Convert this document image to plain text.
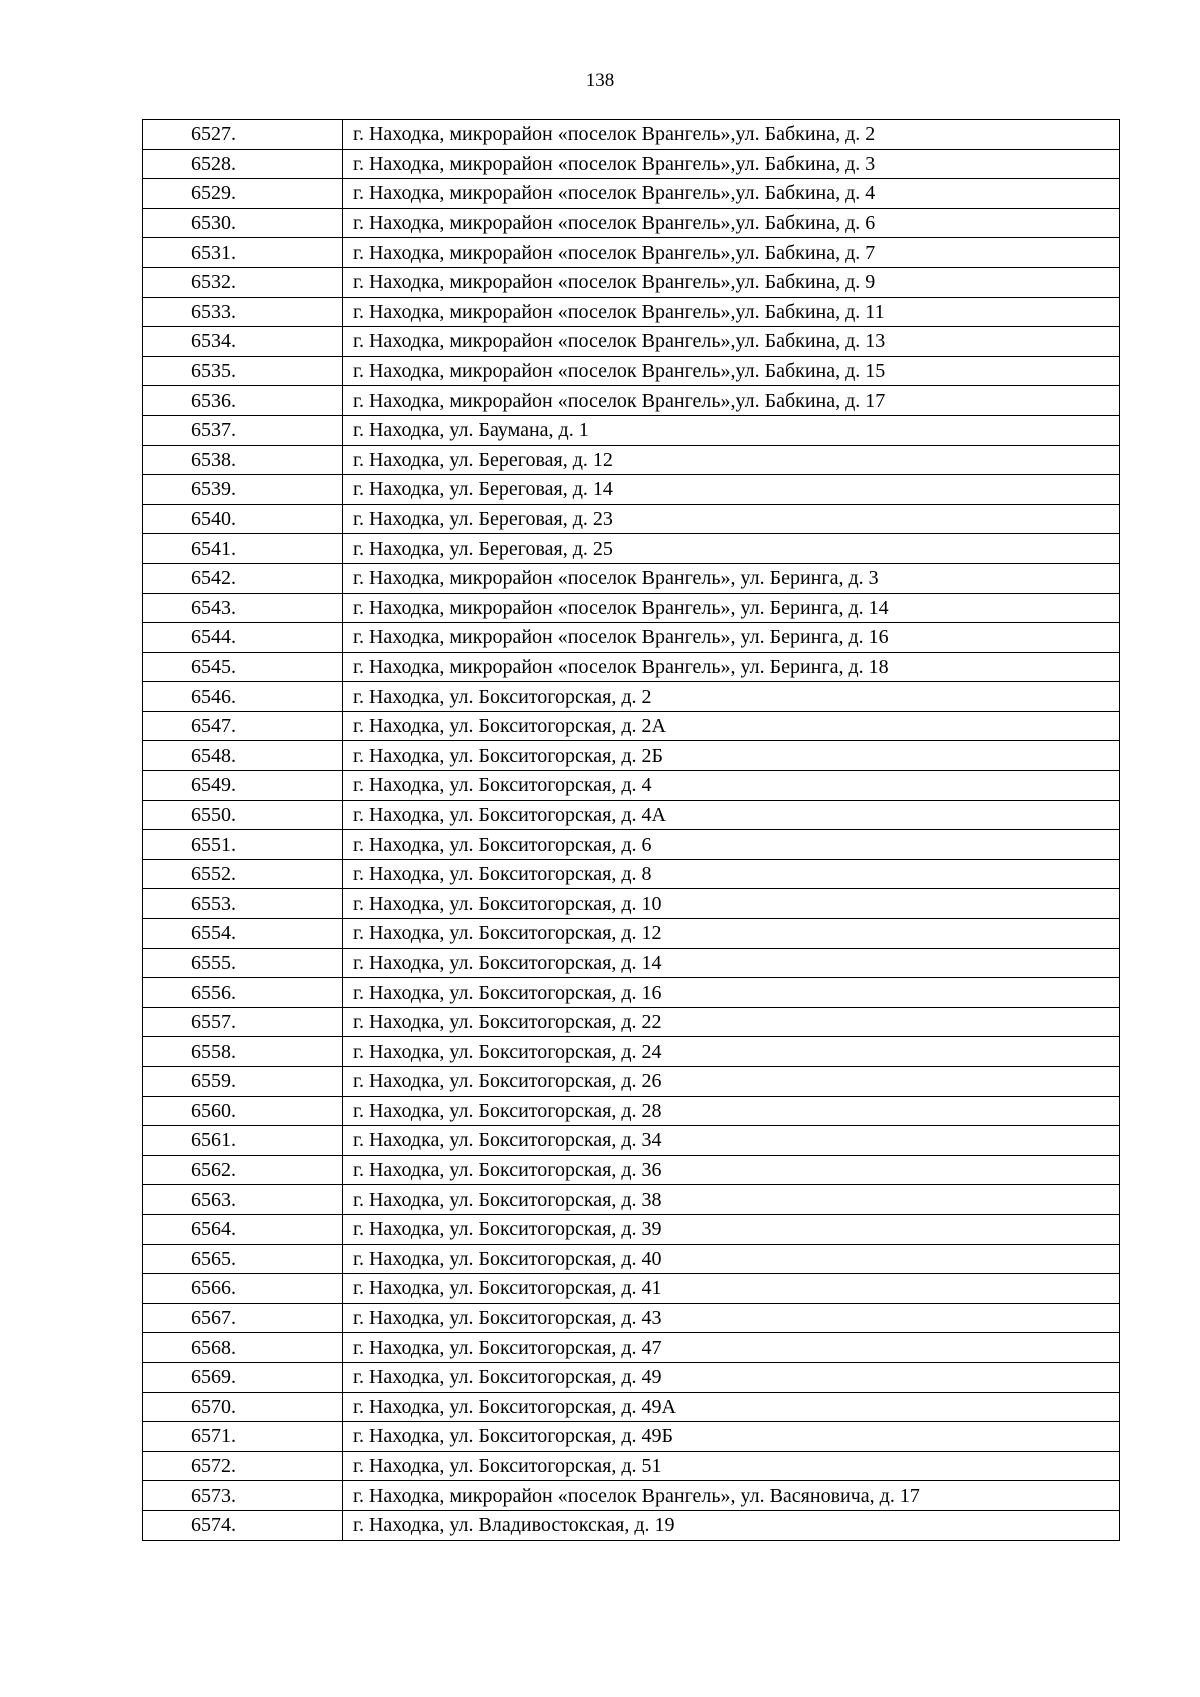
138
6527.	г. Находка, микрорайон «поселок Врангель»,ул. Бабкина, д. 2
6528.	г. Находка, микрорайон «поселок Врангель»,ул. Бабкина, д. 3
6529.	г. Находка, микрорайон «поселок Врангель»,ул. Бабкина, д. 4
6530.	г. Находка, микрорайон «поселок Врангель»,ул. Бабкина, д. 6
6531.	г. Находка, микрорайон «поселок Врангель»,ул. Бабкина, д. 7
6532.	г. Находка, микрорайон «поселок Врангель»,ул. Бабкина, д. 9
6533.	г. Находка, микрорайон «поселок Врангель»,ул. Бабкина, д. 11
6534.	г. Находка, микрорайон «поселок Врангель»,ул. Бабкина, д. 13
6535.	г. Находка, микрорайон «поселок Врангель»,ул. Бабкина, д. 15
6536.	г. Находка, микрорайон «поселок Врангель»,ул. Бабкина, д. 17
6537.	г. Находка, ул. Баумана, д. 1
6538.	г. Находка, ул. Береговая, д. 12
6539.	г. Находка, ул. Береговая, д. 14
6540.	г. Находка, ул. Береговая, д. 23
6541.	г. Находка, ул. Береговая, д. 25
6542.	г. Находка, микрорайон «поселок Врангель», ул. Беринга, д. 3
6543.	г. Находка, микрорайон «поселок Врангель», ул. Беринга, д. 14
6544.	г. Находка, микрорайон «поселок Врангель», ул. Беринга, д. 16
6545.	г. Находка, микрорайон «поселок Врангель», ул. Беринга, д. 18
6546.	г. Находка, ул. Бокситогорская, д. 2
6547.	г. Находка, ул. Бокситогорская, д. 2А
6548.	г. Находка, ул. Бокситогорская, д. 2Б
6549.	г. Находка, ул. Бокситогорская, д. 4
6550.	г. Находка, ул. Бокситогорская, д. 4А
6551.	г. Находка, ул. Бокситогорская, д. 6
6552.	г. Находка, ул. Бокситогорская, д. 8
6553.	г. Находка, ул. Бокситогорская, д. 10
6554.	г. Находка, ул. Бокситогорская, д. 12
6555.	г. Находка, ул. Бокситогорская, д. 14
6556.	г. Находка, ул. Бокситогорская, д. 16
6557.	г. Находка, ул. Бокситогорская, д. 22
6558.	г. Находка, ул. Бокситогорская, д. 24
6559.	г. Находка, ул. Бокситогорская, д. 26
6560.	г. Находка, ул. Бокситогорская, д. 28
6561.	г. Находка, ул. Бокситогорская, д. 34
6562.	г. Находка, ул. Бокситогорская, д. 36
6563.	г. Находка, ул. Бокситогорская, д. 38
6564.	г. Находка, ул. Бокситогорская, д. 39
6565.	г. Находка, ул. Бокситогорская, д. 40
6566.	г. Находка, ул. Бокситогорская, д. 41
6567.	г. Находка, ул. Бокситогорская, д. 43
6568.	г. Находка, ул. Бокситогорская, д. 47
6569.	г. Находка, ул. Бокситогорская, д. 49
6570.	г. Находка, ул. Бокситогорская, д. 49А
6571.	г. Находка, ул. Бокситогорская, д. 49Б
6572.	г. Находка, ул. Бокситогорская, д. 51
6573.	г. Находка, микрорайон «поселок Врангель», ул. Васяновича, д. 17
6574.	г. Находка, ул. Владивостокская, д. 19
